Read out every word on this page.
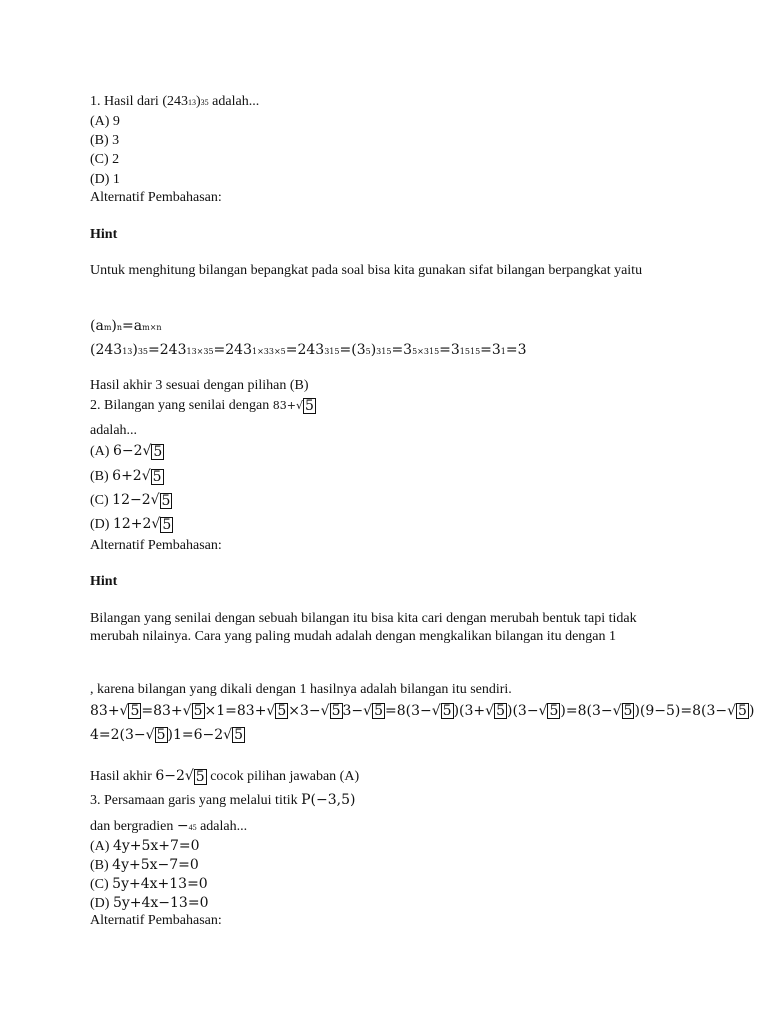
1. Hasil dari (24313)35 adalah...
(A) 9
(B) 3
(C) 2
(D) 1
Alternatif Pembahasan:
Hint
Untuk menghitung bilangan bepangkat pada soal bisa kita gunakan sifat bilangan berpangkat yaitu
(am)n=am×n
(24313)35=24313×35=2431×33×5=243315=(35)315=35×315=31515=31=3
Hasil akhir 3 sesuai dengan pilihan (B)
2. Bilangan yang senilai dengan 83+√ 5
adalah...
(A) 6−2√ 5
(B) 6+2√ 5
(C) 12−2√ 5
(D) 12+2√ 5
Alternatif Pembahasan:
Hint
Bilangan yang senilai dengan sebuah bilangan itu bisa kita cari dengan merubah bentuk tapi tidak merubah nilainya. Cara yang paling mudah adalah dengan mengkalikan bilangan itu dengan 1
, karena bilangan yang dikali dengan 1 hasilnya adalah bilangan itu sendiri.
83+√ 5 =83+√ 5 ×1=83+√ 5 ×3−√ 5 3−√ 5 =8(3−√ 5 )(3+√ 5 )(3−√ 5 )=8(3−√ 5 )(9−5)=8(3−√ 5 )
4=2(3−√ 5 )1=6−2√ 5
Hasil akhir 6−2√ 5 cocok pilihan jawaban (A)
3. Persamaan garis yang melalui titik P(−3,5)
dan bergradien −45 adalah...
(A) 4y+5x+7=0
(B) 4y+5x−7=0
(C) 5y+4x+13=0
(D) 5y+4x−13=0
Alternatif Pembahasan:
